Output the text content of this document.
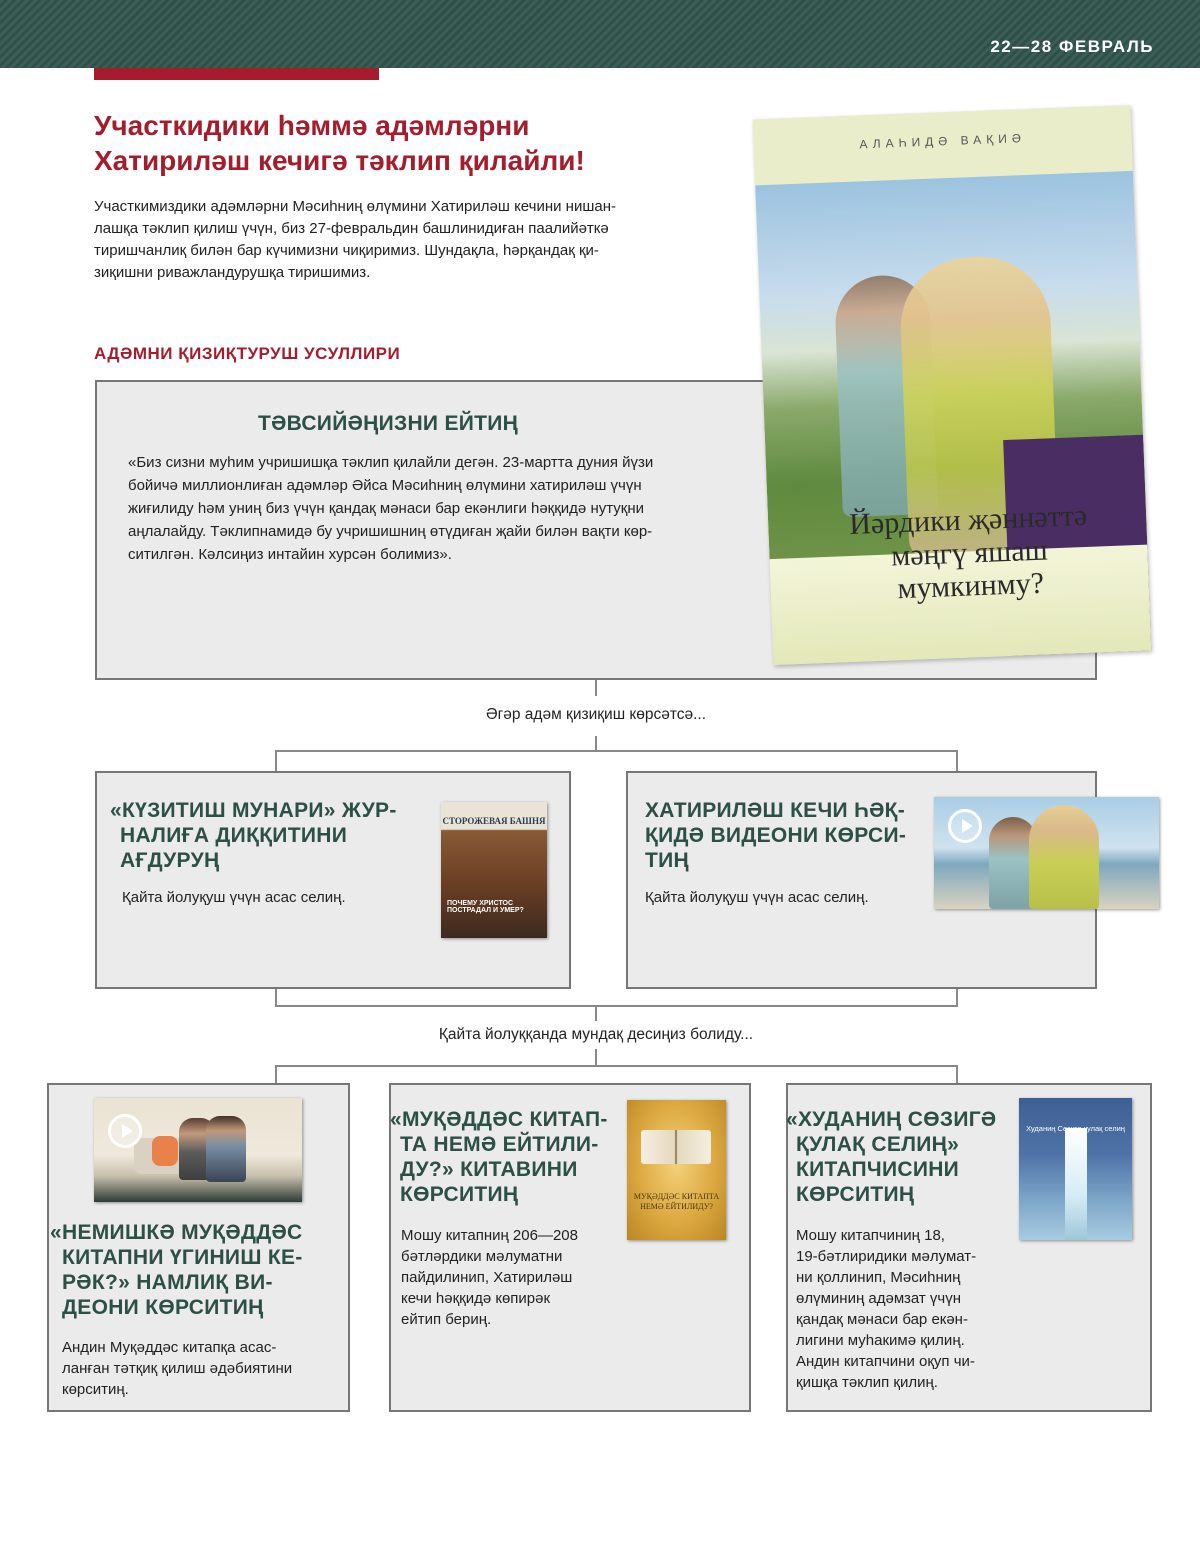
22—28 ФЕВРАЛЬ
Участкидики һәммә адәмләрни
Хатириләш кечигә тәклип қилайли!
Участкимиздики адәмләрни Мәсиһниң өлүмини Хатириләш кечини нишан-
лашқа тәклип қилиш үчүн, биз 27-февральдин башлинидиған паалийәткә
тиришчанлиқ билән бар күчимизни чиқиримиз. Шундақла, һәрқандақ қи-
зиқишни риважландурушқа тиришимиз.
АДӘМНИ ҚИЗИҚТУРУШ УСУЛЛИРИ
ТӘВСИЙӘҢИЗНИ ЕЙТИҢ
«Биз сизни муһим учришишқа тәклип қилайли дегән. 23-мартта дуния йүзи
бойичә миллионлиған адәмләр Әйса Мәсиһниң өлүмини хатириләш үчүн
жиғилиду һәм униң биз үчүн қандақ мәнаси бар екәнлиги һәққидә нутуқни
аңлалайду. Тәклипнамидә бу учришишниң өтүдиған җайи билән вақти көр-
ситилгән. Кәлсиңиз интайин хурсән болимиз».
АЛАҺИДӘ ВАҚИӘ
Йәрдики җәннәттә
мәңгү яшаш
мумкинму?
Әгәр адәм қизиқиш көрсәтсә...
«КҮЗИТИШ МУНАРИ» ЖУР-
НАЛИҒА ДИҚҚИТИНИ
АҒДУРУҢ
Қайта йолуқуш үчүн асас селиң.
СТОРОЖЕВАЯ БАШНЯ
ПОЧЕМУ ХРИСТОС ПОСТРАДАЛ И УМЕР?
ХАТИРИЛӘШ КЕЧИ ҺӘҚ-
ҚИДӘ ВИДЕОНИ КӨРСИ-
ТИҢ
Қайта йолуқуш үчүн асас селиң.
Қайта йолуққанда мундақ десиңиз болиду...
«НЕМИШКӘ МУҚӘДДӘС
КИТАПНИ ҮГИНИШ КЕ-
РӘК?» НАМЛИҚ ВИ-
ДЕОНИ КӨРСИТИҢ
Андин Муқәддәс китапқа асас-
ланған тәтқиқ қилиш әдәбиятини
көрситиң.
«МУҚӘДДӘС КИТАП-
ТА НЕМӘ ЕЙТИЛИ-
ДУ?» КИТАВИНИ
КӨРСИТИҢ	МУҚӘДДӘС КИТАПТА НЕМӘ ЕЙТИЛИДУ?
Мошу китапниң 206—208
бәтләрдики мәлуматни
пайдилинип, Хатириләш
кечи һәққидә көпирәк
ейтип бериң.
«ХУДАНИҢ СӨЗИГӘ
ҚУЛАҚ СЕЛИҢ»
КИТАПЧИСИНИ
КӨРСИТИҢ
Худаниң Сөзигә қулақ селиң
Мошу китапчиниң 18,
19-бәтлиридики мәлумат-
ни қоллинип, Мәсиһниң
өлүминиң адәмзат үчүн
қандақ мәнаси бар екән-
лигини муһакимә қилиң.
Андин китапчини оқуп чи-
қишқа тәклип қилиң.
